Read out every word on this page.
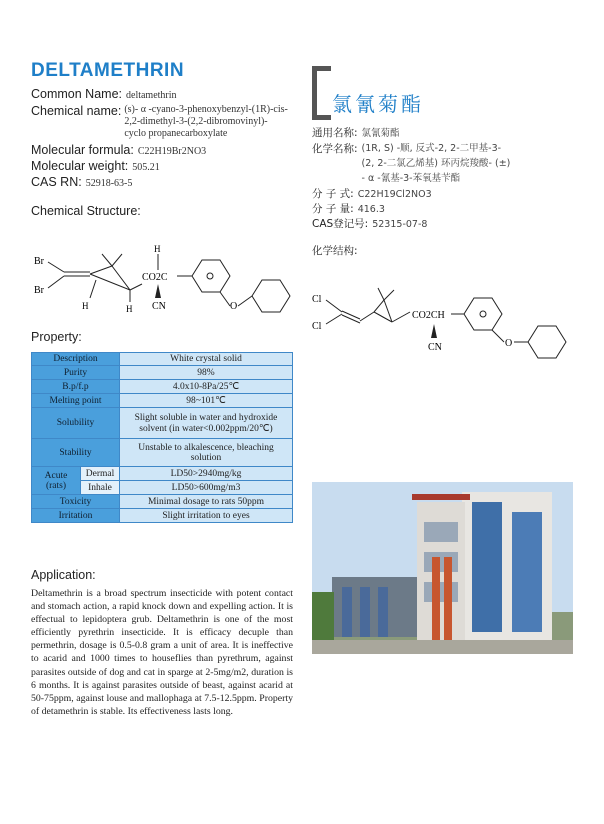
DELTAMETHRIN
Common Name: deltamethrin
Chemical name: (s)- α -cyano-3-phenoxybenzyl-(1R)-cis-
2,2-dimethyl-3-(2,2-dibromovinyl)-
cyclo propanecarboxylate
Molecular formula: C22H19Br2NO3
Molecular weight: 505.21
CAS RN: 52918-63-5
Chemical Structure:
Br
Br
H	H
H
CO2C
CN	O
Property:
Description		White crystal solid
Purity		98%
B.p/f.p		4.0x10-8Pa/25℃
Melting point		98~101℃
Solubility		Slight soluble in water and hydroxide
solvent (in water<0.002ppm/20℃)

Stability		Unstable to alkalescence, bleaching solution

Acute
(rats)	Dermal	LD50>2940mg/kg
	Inhale	LD50>600mg/m3
Toxicity		Minimal dosage to rats 50ppm
Irritation		Slight irritation to eyes
Application:
Deltamethrin is a broad spectrum insecticide with potent contact and stomach action, a rapid knock down and expelling action. It is effectual to lepidoptera grub. Deltamethrin is one of the most efficiently pyrethrin insecticide. It is efficacy decuple than permethrin, dosage is 0.5-0.8 gram a unit of area. It is ineffective to acarid and 1000 times to houseflies than pyrethrum, against parasites outside of dog and cat in sparge at 2-5mg/m2, duration is 6 months. It is against parasites outside of beast, against acarid at 50-75ppm, against louse and mallophaga at 7.5-12.5ppm. Property of detamethrin is stable. Its effectiveness lasts long.
氯氰菊酯
通用名称: 氯氰菊酯
化学名称: (1R, S) -顺, 反式-2, 2-二甲基-3-
(2, 2-二氯乙烯基) 环丙烷羧酸- (±)
- α -氰基-3-苯氧基苄酯
分 子 式: C22H19Cl2NO3
分 子 量: 416.3
CAS登记号: 52315-07-8
化学结构:
Cl
Cl
CO2CH
CN	O
